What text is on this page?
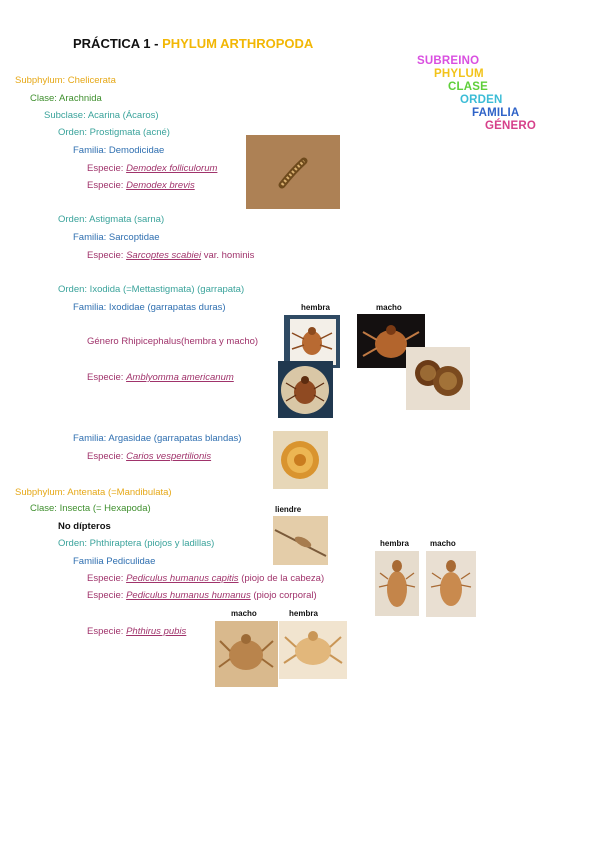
PRÁCTICA 1 - PHYLUM ARTHROPODA
SUBREINO
PHYLUM
CLASE
ORDEN
FAMILIA
GÉNERO
Subphylum: Chelicerata
Clase: Arachnida
Subclase: Acarina (Ácaros)
Orden: Prostigmata (acné)
Familia: Demodicidae
Especie: Demodex folliculorum
Especie: Demodex brevis
Orden: Astigmata (sarna)
Familia: Sarcoptidae
Especie: Sarcoptes scabiei var. hominis
Orden: Ixodida (=Mettastigmata) (garrapata)
Familia: Ixodidae (garrapatas duras)	hembra	macho
Género Rhipicephalus(hembra y macho)
Especie: Amblyomma americanum
Familia: Argasidae (garrapatas blandas)
Especie: Carios vespertilionis
Subphylum: Antenata (=Mandibulata)
Clase: Insecta (= Hexapoda)	liendre
No dípteros
Orden: Phthiraptera (piojos y ladillas)	hembra	macho
Familia Pediculidae
Especie: Pediculus humanus capitis (piojo de la cabeza)
Especie: Pediculus humanus humanus (piojo corporal)
macho	hembra
Especie: Phthirus pubis
